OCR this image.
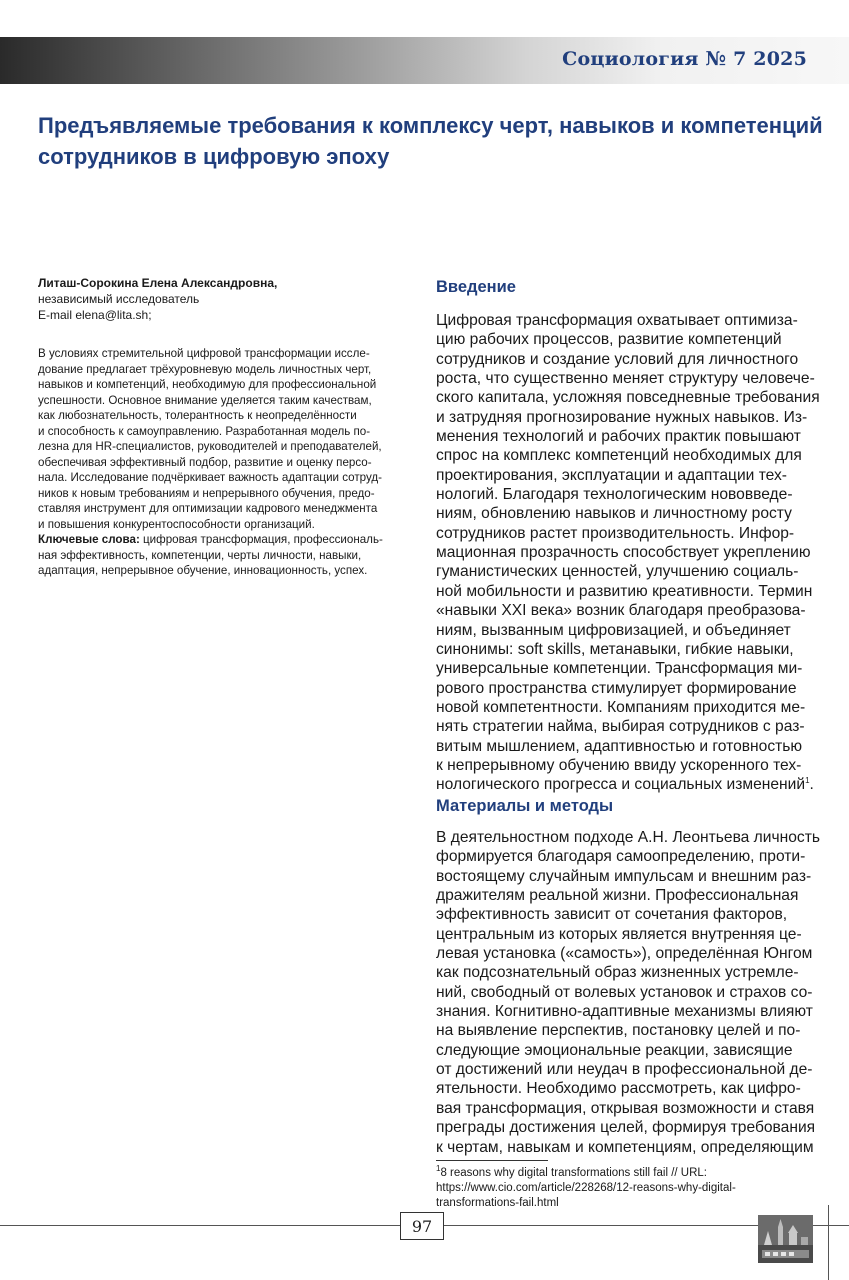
Социология № 7 2025
Предъявляемые требования к комплексу черт, навыков и компетенций
сотрудников в цифровую эпоху
Литаш-Сорокина Елена Александровна,
независимый исследователь
E-mail elena@lita.sh;
В условиях стремительной цифровой трансформации иссле-
дование предлагает трёхуровневую модель личностных черт,
навыков и компетенций, необходимую для профессиональной
успешности. Основное внимание уделяется таким качествам,
как любознательность, толерантность к неопределённости
и способность к самоуправлению. Разработанная модель по-
лезна для HR-специалистов, руководителей и преподавателей,
обеспечивая эффективный подбор, развитие и оценку персо-
нала. Исследование подчёркивает важность адаптации сотруд-
ников к новым требованиям и непрерывного обучения, предо-
ставляя инструмент для оптимизации кадрового менеджмента
и повышения конкурентоспособности организаций.
Ключевые слова: цифровая трансформация, профессиональ-
ная эффективность, компетенции, черты личности, навыки,
адаптация, непрерывное обучение, инновационность, успех.
Введение
Цифровая трансформация охватывает оптимиза-
цию рабочих процессов, развитие компетенций
сотрудников и создание условий для личностного
роста, что существенно меняет структуру человече-
ского капитала, усложняя повседневные требования
и затрудняя прогнозирование нужных навыков. Из-
менения технологий и рабочих практик повышают
спрос на комплекс компетенций необходимых для
проектирования, эксплуатации и адаптации тех-
нологий. Благодаря технологическим нововведе-
ниям, обновлению навыков и личностному росту
сотрудников растет производительность. Инфор-
мационная прозрачность способствует укреплению
гуманистических ценностей, улучшению социаль-
ной мобильности и развитию креативности. Термин
«навыки XXI века» возник благодаря преобразова-
ниям, вызванным цифровизацией, и объединяет
синонимы: soft skills, метанавыки, гибкие навыки,
универсальные компетенции. Трансформация ми-
рового пространства стимулирует формирование
новой компетентности. Компаниям приходится ме-
нять стратегии найма, выбирая сотрудников с раз-
витым мышлением, адаптивностью и готовностью
к непрерывному обучению ввиду ускоренного тех-
нологического прогресса и социальных изменений$^1$.
Материалы и методы
В деятельностном подходе А.Н. Леонтьева личность
формируется благодаря самоопределению, проти-
востоящему случайным импульсам и внешним раз-
дражителям реальной жизни. Профессиональная
эффективность зависит от сочетания факторов,
центральным из которых является внутренняя це-
левая установка («самость»), определённая Юнгом
как подсознательный образ жизненных устремле-
ний, свободный от волевых установок и страхов со-
знания. Когнитивно-адаптивные механизмы влияют
на выявление перспектив, постановку целей и по-
следующие эмоциональные реакции, зависящие
от достижений или неудач в профессиональной де-
ятельности. Необходимо рассмотреть, как цифро-
вая трансформация, открывая возможности и ставя
преграды достижения целей, формируя требования
к чертам, навыкам и компетенциям, определяющим
$^1$8 reasons why digital transformations still fail // URL:
https://www.cio.com/article/228268/12-reasons-why-digital-
transformations-fail.html
97
